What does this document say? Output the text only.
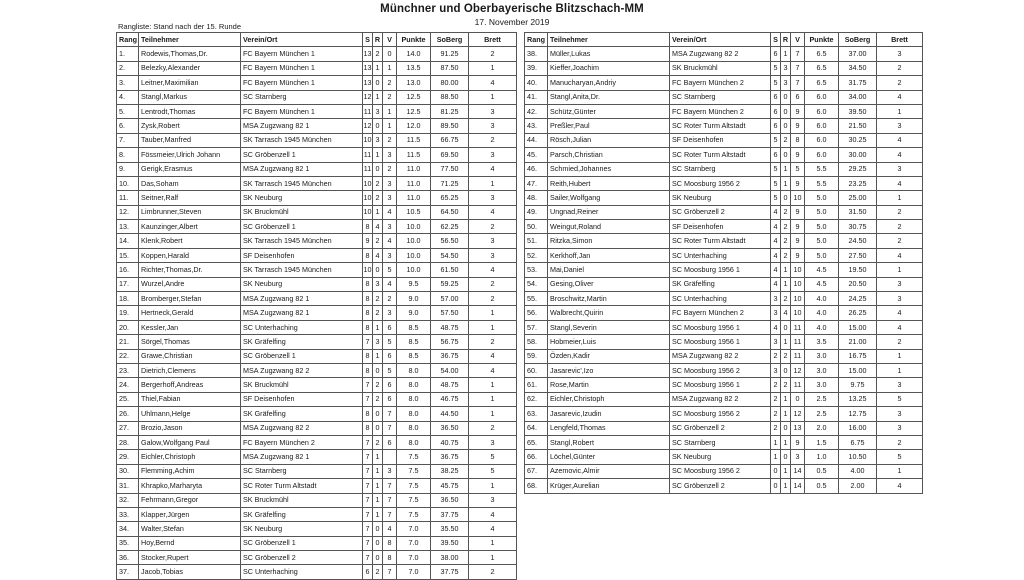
Münchner und Oberbayerische Blitzschach-MM
17. November 2019
Rangliste: Stand nach der 15. Runde
Rang	Teilnehmer	Verein/Ort	S	R	V	Punkte	SoBerg	Brett
1.	Rodewis,Thomas,Dr.	FC Bayern München 1	13	2	0	14.0	91.25	2
2.	Belezky,Alexander	FC Bayern München 1	13	1	1	13.5	87.50	1
3.	Leitner,Maximilian	FC Bayern München 1	13	0	2	13.0	80.00	4
4.	Stangl,Markus	SC Starnberg	12	1	2	12.5	88.50	1
5.	Lentrodt,Thomas	FC Bayern München 1	11	3	1	12.5	81.25	3
6.	Zysk,Robert	MSA Zugzwang 82 1	12	0	1	12.0	89.50	3
7.	Tauber,Manfred	SK Tarrasch 1945 München	10	3	2	11.5	66.75	2
8.	Fössmeier,Ulrich Johann	SC Gröbenzell 1	11	1	3	11.5	69.50	3
9.	Gerigk,Erasmus	MSA Zugzwang 82 1	11	0	2	11.0	77.50	4
10.	Das,Soham	SK Tarrasch 1945 München	10	2	3	11.0	71.25	1
11.	Seitner,Ralf	SK Neuburg	10	2	3	11.0	65.25	3
12.	Limbrunner,Steven	SK Bruckmühl	10	1	4	10.5	64.50	4
13.	Kaunzinger,Albert	SC Gröbenzell 1	8	4	3	10.0	62.25	2
14.	Klenk,Robert	SK Tarrasch 1945 München	9	2	4	10.0	56.50	3
15.	Koppen,Harald	SF Deisenhofen	8	4	3	10.0	54.50	3
16.	Richter,Thomas,Dr.	SK Tarrasch 1945 München	10	0	5	10.0	61.50	4
17.	Wurzel,Andre	SK Neuburg	8	3	4	9.5	59.25	2
18.	Bromberger,Stefan	MSA Zugzwang 82 1	8	2	2	9.0	57.00	2
19.	Hertneck,Gerald	MSA Zugzwang 82 1	8	2	3	9.0	57.50	1
20.	Kessler,Jan	SC Unterhaching	8	1	6	8.5	48.75	1
21.	Sörgel,Thomas	SK Gräfelfing	7	3	5	8.5	56.75	2
22.	Grawe,Christian	SC Gröbenzell 1	8	1	6	8.5	36.75	4
23.	Dietrich,Clemens	MSA Zugzwang 82 2	8	0	5	8.0	54.00	4
24.	Bergerhoff,Andreas	SK Bruckmühl	7	2	6	8.0	48.75	1
25.	Thiel,Fabian	SF Deisenhofen	7	2	6	8.0	46.75	1
26.	Uhlmann,Helge	SK Gräfelfing	8	0	7	8.0	44.50	1
27.	Brozio,Jason	MSA Zugzwang 82 2	8	0	7	8.0	36.50	2
28.	Galow,Wolfgang Paul	FC Bayern München 2	7	2	6	8.0	40.75	3
29.	Eichler,Christoph	MSA Zugzwang 82 1	7	1		7.5	36.75	5
30.	Flemming,Achim	SC Starnberg	7	1	3	7.5	38.25	5
31.	Khrapko,Marharyta	SC Roter Turm Altstadt	7	1	7	7.5	45.75	1
32.	Fehrmann,Gregor	SK Bruckmühl	7	1	7	7.5	36.50	3
33.	Klapper,Jürgen	SK Gräfelfing	7	1	7	7.5	37.75	4
34.	Walter,Stefan	SK Neuburg	7	0	4	7.0	35.50	4
35.	Hoy,Bernd	SC Gröbenzell 1	7	0	8	7.0	39.50	1
36.	Stocker,Rupert	SC Gröbenzell 2	7	0	8	7.0	38.00	1
37.	Jacob,Tobias	SC Unterhaching	6	2	7	7.0	37.75	2
Rang	Teilnehmer	Verein/Ort	S	R	V	Punkte	SoBerg	Brett
38.	Müller,Lukas	MSA Zugzwang 82 2	6	1	7	6.5	37.00	3
39.	Kieffer,Joachim	SK Bruckmühl	5	3	7	6.5	34.50	2
40.	Manucharyan,Andriy	FC Bayern München 2	5	3	7	6.5	31.75	2
41.	Stangl,Anita,Dr.	SC Starnberg	6	0	6	6.0	34.00	4
42.	Schütz,Günter	FC Bayern München 2	6	0	9	6.0	39.50	1
43.	Preßler,Paul	SC Roter Turm Altstadt	6	0	9	6.0	21.50	3
44.	Rösch,Julian	SF Deisenhofen	5	2	8	6.0	30.25	4
45.	Parsch,Christian	SC Roter Turm Altstadt	6	0	9	6.0	30.00	4
46.	Schmied,Johannes	SC Starnberg	5	1	5	5.5	29.25	3
47.	Reith,Hubert	SC Moosburg 1956 2	5	1	9	5.5	23.25	4
48.	Sailer,Wolfgang	SK Neuburg	5	0	10	5.0	25.00	1
49.	Ungnad,Reiner	SC Gröbenzell 2	4	2	9	5.0	31.50	2
50.	Weingut,Roland	SF Deisenhofen	4	2	9	5.0	30.75	2
51.	Ritzka,Simon	SC Roter Turm Altstadt	4	2	9	5.0	24.50	2
52.	Kerkhoff,Jan	SC Unterhaching	4	2	9	5.0	27.50	4
53.	Mai,Daniel	SC Moosburg 1956 1	4	1	10	4.5	19.50	1
54.	Gesing,Oliver	SK Gräfelfing	4	1	10	4.5	20.50	3
55.	Broschwitz,Martin	SC Unterhaching	3	2	10	4.0	24.25	3
56.	Walbrecht,Quirin	FC Bayern München 2	3	4	10	4.0	26.25	4
57.	Stangl,Severin	SC Moosburg 1956 1	4	0	11	4.0	15.00	4
58.	Hobmeier,Luis	SC Moosburg 1956 1	3	1	11	3.5	21.00	2
59.	Özden,Kadir	MSA Zugzwang 82 2	2	2	11	3.0	16.75	1
60.	Jasarevic',Izo	SC Moosburg 1956 2	3	0	12	3.0	15.00	1
61.	Rose,Martin	SC Moosburg 1956 1	2	2	11	3.0	9.75	3
62.	Eichler,Christoph	MSA Zugzwang 82 2	2	1	0	2.5	13.25	5
63.	Jasarevic,Izudin	SC Moosburg 1956 2	2	1	12	2.5	12.75	3
64.	Lengfeld,Thomas	SC Gröbenzell 2	2	0	13	2.0	16.00	3
65.	Stangl,Robert	SC Starnberg	1	1	9	1.5	6.75	2
66.	Löchel,Günter	SK Neuburg	1	0	3	1.0	10.50	5
67.	Azemovic,Almir	SC Moosburg 1956 2	0	1	14	0.5	4.00	1
68.	Krüger,Aurelian	SC Gröbenzell 2	0	1	14	0.5	2.00	4
